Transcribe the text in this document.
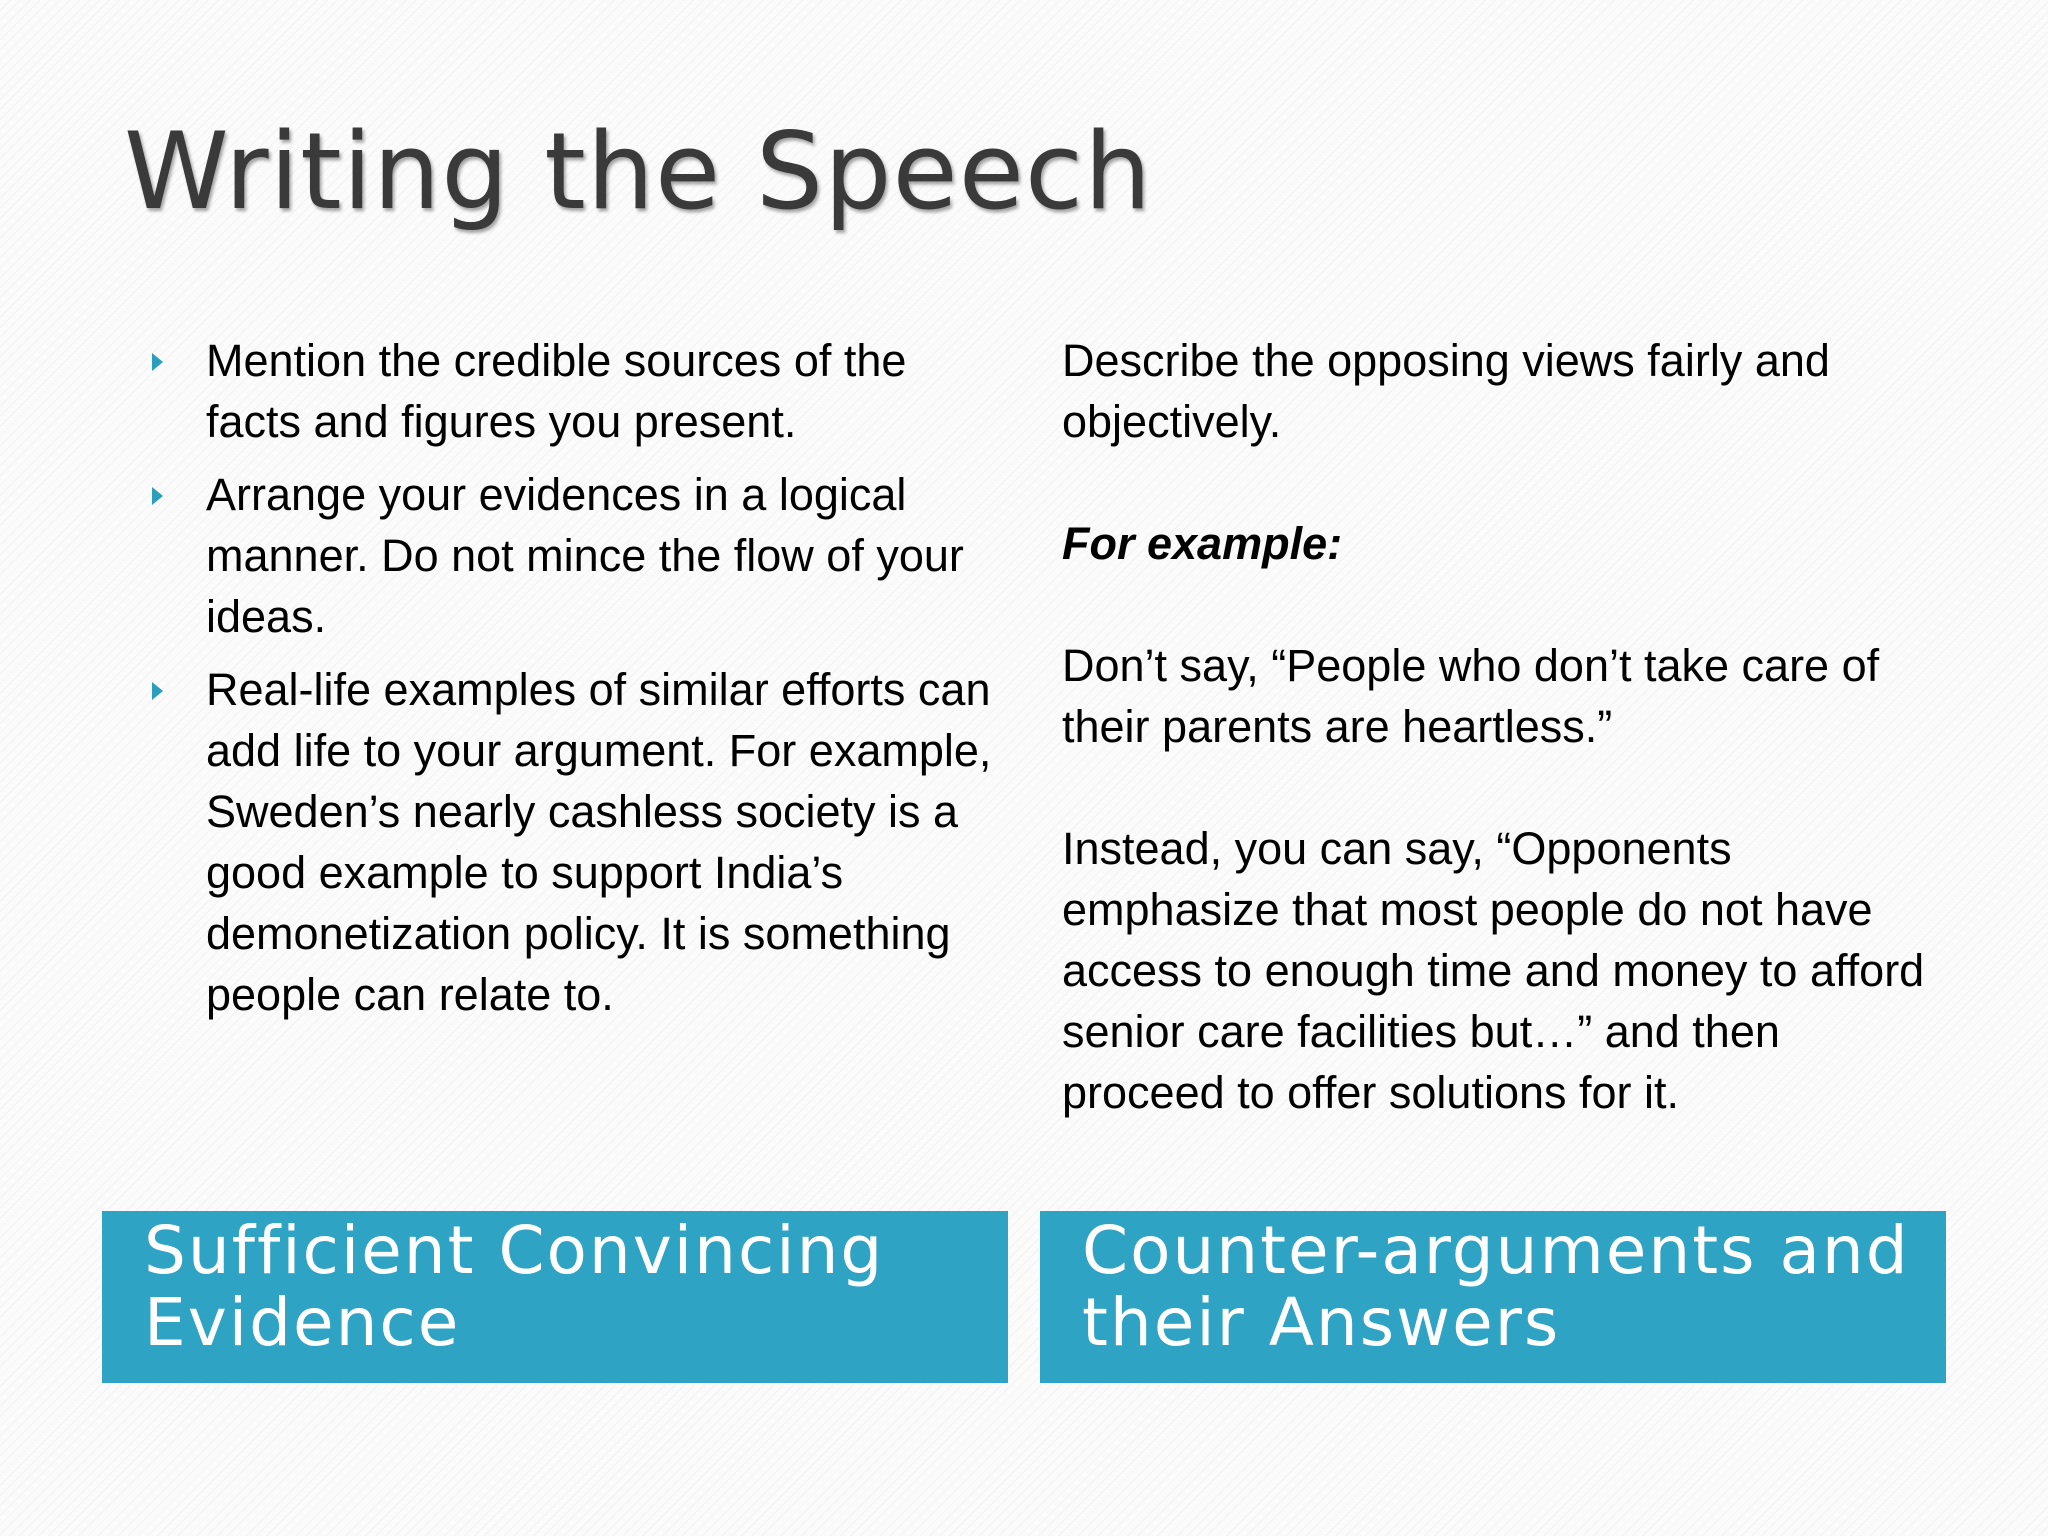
Writing the Speech
Mention the credible sources of the facts and figures you present.
Arrange your evidences in a logical manner. Do not mince the flow of your ideas.
Real-life examples of similar efforts can add life to your argument. For example, Sweden’s nearly cashless society is a good example to support India’s demonetization policy. It is something people can relate to.

Describe the opposing views fairly and objectively.

For example:

Don’t say, “People who don’t take care of their parents are heartless.”

Instead, you can say, “Opponents emphasize that most people do not have access to enough time and money to afford senior care facilities but…” and then proceed to offer solutions for it.

Sufficient Convincing Evidence
Counter-arguments and their Answers
